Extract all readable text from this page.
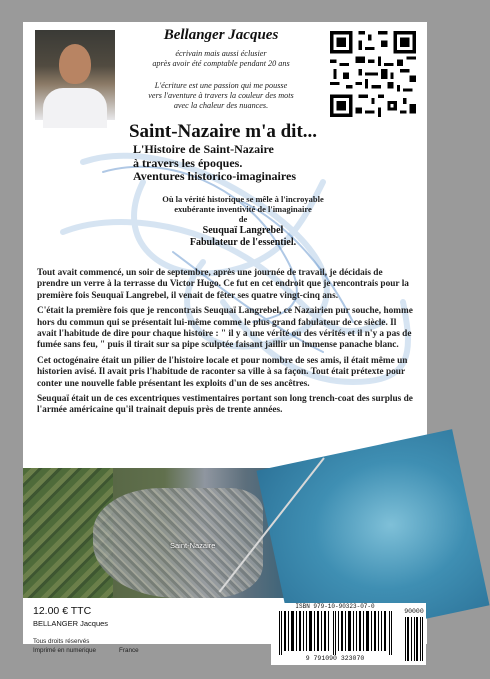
Bellanger Jacques
écrivain mais aussi éclusier
après avoir été comptable pendant 20 ans
L'écriture est une passion qui me pousse
vers l'aventure à travers la couleur des mots
avec la chaleur des nuances.
Saint-Nazaire m'a dit...
L'Histoire de Saint-Nazaire
à travers les époques.
Aventures historico-imaginaires
Où la vérité historique se mêle à l'incroyable
exubérante inventivité de l'imaginaire
de
Seuquaï Langrebel
Fabulateur de l'essentiel.

Tout avait commencé, un soir de septembre, après une journée de travail, je décidais de prendre un verre à la terrasse du Victor Hugo. Ce fut en cet endroit que je rencontrais pour la première fois Seuquaï Langrebel, il venait de fêter ses quatre vingt-cinq ans.

C'était la première fois que je rencontrais Seuquaï Langrebel, ce Nazairien pur souche, homme hors du commun qui se présentait lui-même comme le plus grand fabulateur de ce siècle. Il avait l'habitude de dire pour chaque histoire : " il y a une vérité ou des vérités et il n'y a pas de fumée sans feu, " puis il tirait sur sa pipe sculptée faisant jaillir un immense panache blanc.

Cet octogénaire était un pilier de l'histoire locale et pour nombre de ses amis, il était même un historien avisé. Il avait pris l'habitude de raconter sa ville à sa façon. Tout était prétexte pour conter une nouvelle fable présentant les exploits d'un de ses ancêtres.

Seuquaï était un de ces excentriques vestimentaires portant son long trench-coat des surplus de l'armée américaine qu'il trainait depuis près de trente années.

Saint-Nazaire
12.00 € TTC
BELLANGER Jacques
Tous droits réservés
Imprimé en numerique	France
ISBN 979-10-90323-07-0
9 791090 323070
90000
